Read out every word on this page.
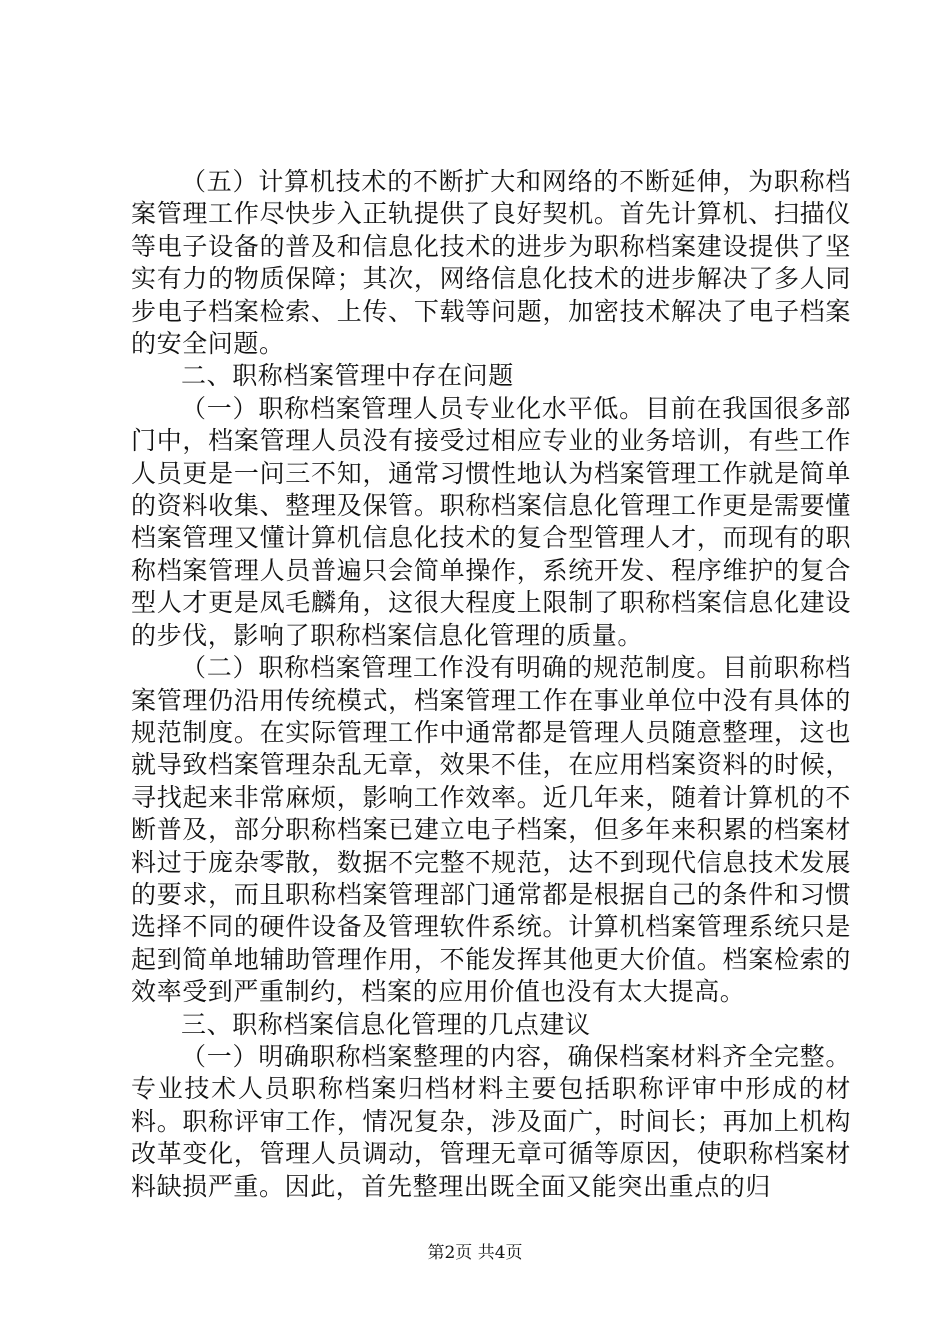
（五）计算机技术的不断扩大和网络的不断延伸，为职称档案管理工作尽快步入正轨提供了良好契机。首先计算机、扫描仪等电子设备的普及和信息化技术的进步为职称档案建设提供了坚实有力的物质保障；其次，网络信息化技术的进步解决了多人同步电子档案检索、上传、下载等问题，加密技术解决了电子档案的安全问题。

二、职称档案管理中存在问题

（一）职称档案管理人员专业化水平低。目前在我国很多部门中，档案管理人员没有接受过相应专业的业务培训，有些工作人员更是一问三不知，通常习惯性地认为档案管理工作就是简单的资料收集、整理及保管。职称档案信息化管理工作更是需要懂档案管理又懂计算机信息化技术的复合型管理人才，而现有的职称档案管理人员普遍只会简单操作，系统开发、程序维护的复合型人才更是凤毛麟角，这很大程度上限制了职称档案信息化建设的步伐，影响了职称档案信息化管理的质量。

（二）职称档案管理工作没有明确的规范制度。目前职称档案管理仍沿用传统模式，档案管理工作在事业单位中没有具体的规范制度。在实际管理工作中通常都是管理人员随意整理，这也就导致档案管理杂乱无章，效果不佳，在应用档案资料的时候，寻找起来非常麻烦，影响工作效率。近几年来，随着计算机的不断普及，部分职称档案已建立电子档案，但多年来积累的档案材料过于庞杂零散，数据不完整不规范，达不到现代信息技术发展的要求，而且职称档案管理部门通常都是根据自己的条件和习惯选择不同的硬件设备及管理软件系统。计算机档案管理系统只是起到简单地辅助管理作用，不能发挥其他更大价值。档案检索的效率受到严重制约，档案的应用价值也没有太大提高。

三、职称档案信息化管理的几点建议

（一）明确职称档案整理的内容，确保档案材料齐全完整。专业技术人员职称档案归档材料主要包括职称评审中形成的材料。职称评审工作，情况复杂，涉及面广，时间长；再加上机构改革变化，管理人员调动，管理无章可循等原因，使职称档案材料缺损严重。因此，首先整理出既全面又能突出重点的归

第2页 共4页
